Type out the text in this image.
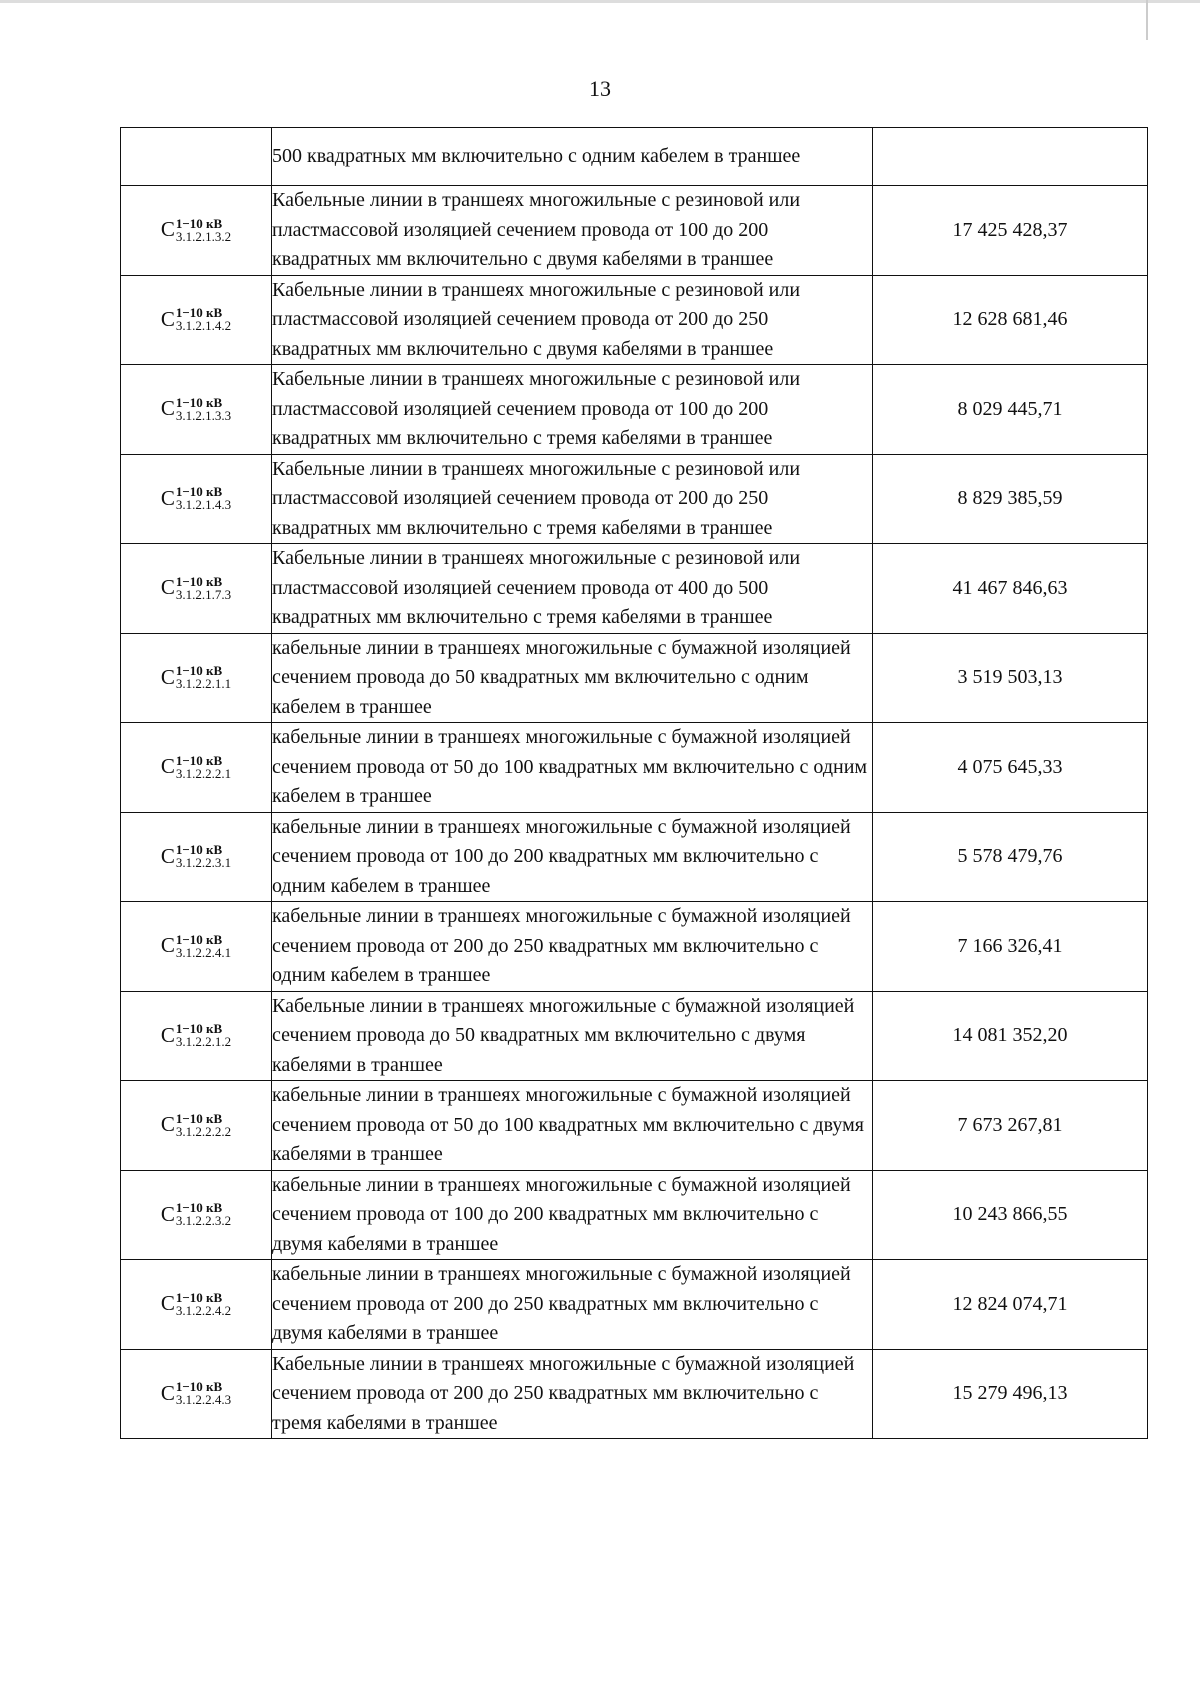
13
	500 квадратных мм включительно с одним кабелем в траншее	

C 1−10 кВ
3.1.2.1.3.2	Кабельные линии в траншеях многожильные с резиновой или пластмассовой изоляцией сечением провода от 100 до 200 квадратных мм включительно с двумя кабелями в траншее	17 425 428,37

C 1−10 кВ
3.1.2.1.4.2	Кабельные линии в траншеях многожильные с резиновой или пластмассовой изоляцией сечением провода от 200 до 250 квадратных мм включительно с двумя кабелями в траншее	12 628 681,46

C 1−10 кВ
3.1.2.1.3.3	Кабельные линии в траншеях многожильные с резиновой или пластмассовой изоляцией сечением провода от 100 до 200 квадратных мм включительно с тремя кабелями в траншее	8 029 445,71

C 1−10 кВ
3.1.2.1.4.3	Кабельные линии в траншеях многожильные с резиновой или пластмассовой изоляцией сечением провода от 200 до 250 квадратных мм включительно с тремя кабелями в траншее	8 829 385,59

C 1−10 кВ
3.1.2.1.7.3	Кабельные линии в траншеях многожильные с резиновой или пластмассовой изоляцией сечением провода от 400 до 500 квадратных мм включительно с тремя кабелями в траншее	41 467 846,63

C 1−10 кВ
3.1.2.2.1.1	кабельные линии в траншеях многожильные с бумажной изоляцией сечением провода до 50 квадратных мм включительно с одним кабелем в траншее	3 519 503,13

C 1−10 кВ
3.1.2.2.2.1	кабельные линии в траншеях многожильные с бумажной изоляцией сечением провода от 50 до 100 квадратных мм включительно с одним кабелем в траншее	4 075 645,33

C 1−10 кВ
3.1.2.2.3.1	кабельные линии в траншеях многожильные с бумажной изоляцией сечением провода от 100 до 200 квадратных мм включительно с одним кабелем в траншее	5 578 479,76

C 1−10 кВ
3.1.2.2.4.1	кабельные линии в траншеях многожильные с бумажной изоляцией сечением провода от 200 до 250 квадратных мм включительно с одним кабелем в траншее	7 166 326,41

C 1−10 кВ
3.1.2.2.1.2	Кабельные линии в траншеях многожильные с бумажной изоляцией сечением провода до 50 квадратных мм включительно с двумя кабелями в траншее	14 081 352,20

C 1−10 кВ
3.1.2.2.2.2	кабельные линии в траншеях многожильные с бумажной изоляцией сечением провода от 50 до 100 квадратных мм включительно с двумя кабелями в траншее	7 673 267,81

C 1−10 кВ
3.1.2.2.3.2	кабельные линии в траншеях многожильные с бумажной изоляцией сечением провода от 100 до 200 квадратных мм включительно с двумя кабелями в траншее	10 243 866,55

C 1−10 кВ
3.1.2.2.4.2	кабельные линии в траншеях многожильные с бумажной изоляцией сечением провода от 200 до 250 квадратных мм включительно с двумя кабелями в траншее	12 824 074,71

C 1−10 кВ
3.1.2.2.4.3	Кабельные линии в траншеях многожильные с бумажной изоляцией сечением провода от 200 до 250 квадратных мм включительно с тремя кабелями в траншее	15 279 496,13
